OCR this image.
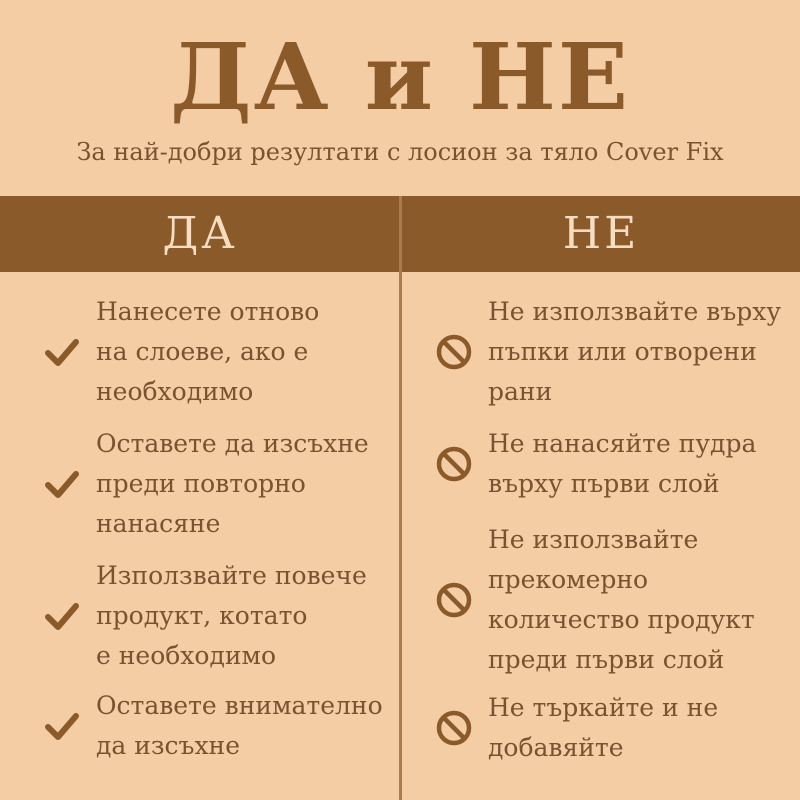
ДА и НЕ
За най-добри резултати с лосион за тяло Cover Fix
ДА	НЕ
Нанесете отново
на слоеве, ако е
необходимо
Оставете да изсъхне
преди повторно
нанасяне
Използвайте повече
продукт, котато
е необходимо
Оставете внимателно
да изсъхне
Не използвайте върху
пъпки или отворени
рани
Не нанасяйте пудра
върху първи слой
Не използвайте
прекомерно
количество продукт
преди първи слой
Не търкайте и не
добавяйте
